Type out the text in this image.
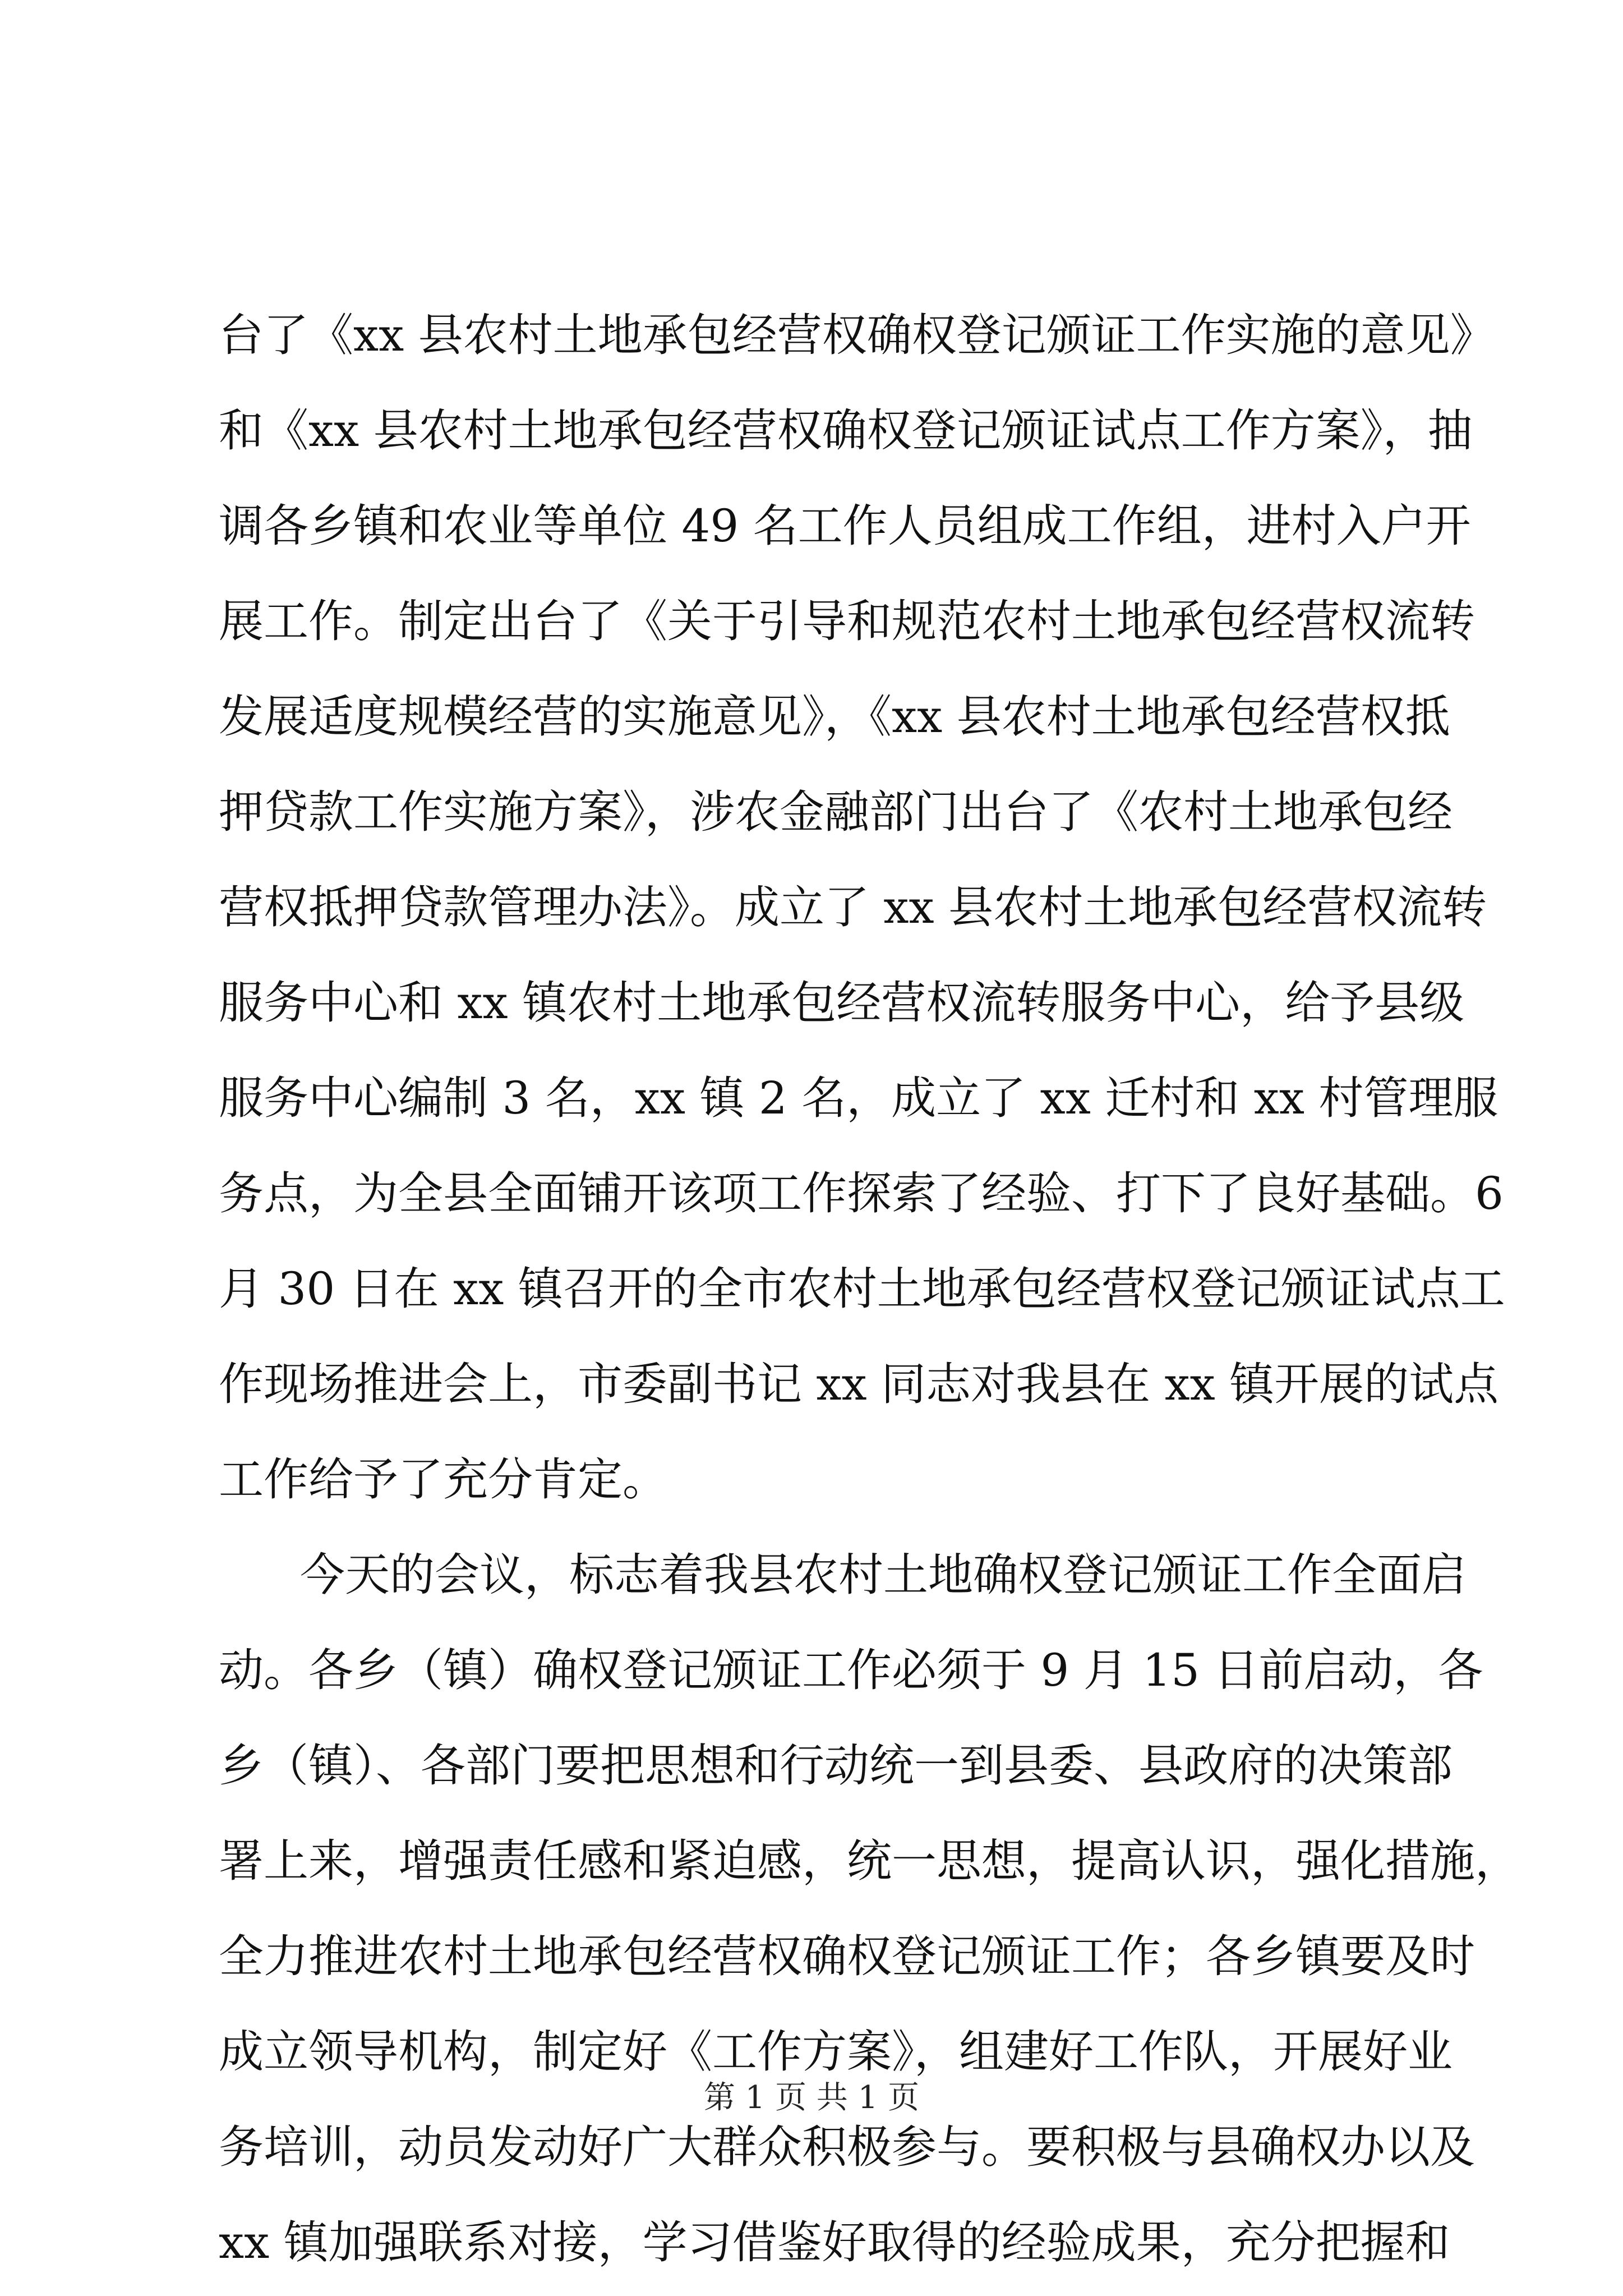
台了《xx 县农村土地承包经营权确权登记颁证工作实施的意见》
和《xx 县农村土地承包经营权确权登记颁证试点工作方案》，抽
调各乡镇和农业等单位 49 名工作人员组成工作组，进村入户开
展工作。制定出台了《关于引导和规范农村土地承包经营权流转
发展适度规模经营的实施意见》，《xx 县农村土地承包经营权抵
押贷款工作实施方案》，涉农金融部门出台了《农村土地承包经
营权抵押贷款管理办法》。成立了 xx 县农村土地承包经营权流转
服务中心和 xx 镇农村土地承包经营权流转服务中心，给予县级
服务中心编制 3 名，xx 镇 2 名，成立了 xx 迁村和 xx 村管理服
务点，为全县全面铺开该项工作探索了经验、打下了良好基础。6
月 30 日在 xx 镇召开的全市农村土地承包经营权登记颁证试点工
作现场推进会上，市委副书记 xx 同志对我县在 xx 镇开展的试点
工作给予了充分肯定。
今天的会议，标志着我县农村土地确权登记颁证工作全面启
动。各乡（镇）确权登记颁证工作必须于 9 月 15 日前启动，各
乡（镇）、各部门要把思想和行动统一到县委、县政府的决策部
署上来，增强责任感和紧迫感，统一思想，提高认识，强化措施，
全力推进农村土地承包经营权确权登记颁证工作；各乡镇要及时
成立领导机构，制定好《工作方案》，组建好工作队，开展好业
务培训，动员发动好广大群众积极参与。要积极与县确权办以及
xx 镇加强联系对接，学习借鉴好取得的经验成果，充分把握和
第 1 页 共 1 页
